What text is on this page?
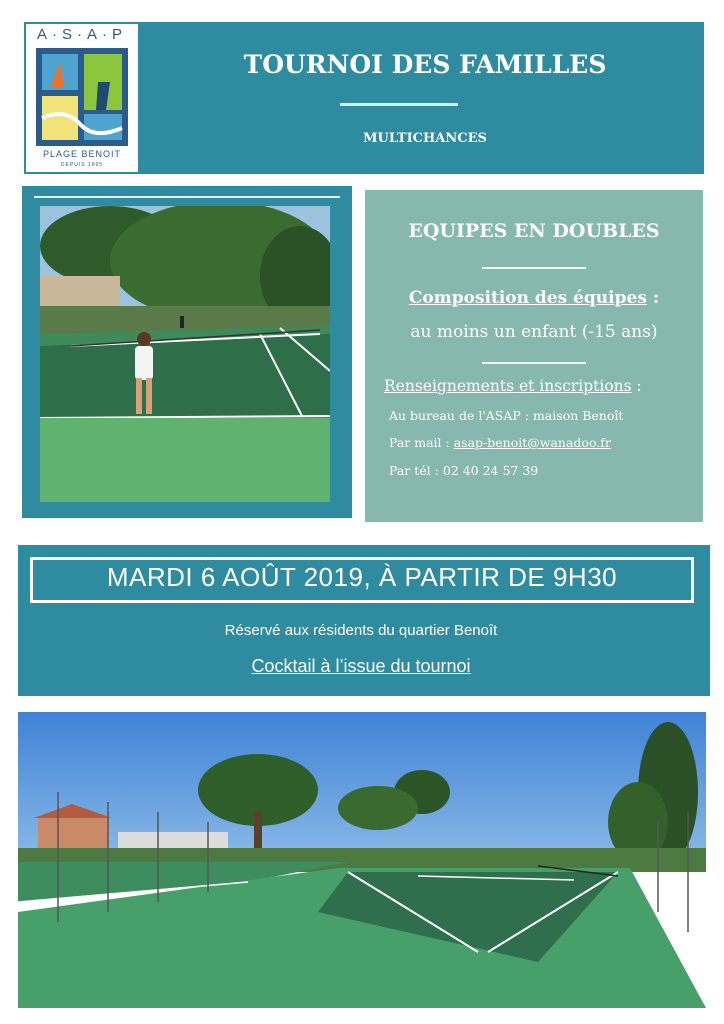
A·S·A·P
PLAGE BENOIT
DEPUIS 1895
TOURNOI DES FAMILLES
MULTICHANCES
EQUIPES EN DOUBLES
Composition des équipes :
au moins un enfant (-15 ans)
Renseignements et inscriptions :
Au bureau de l'ASAP : maison Benoît
Par mail : asap-benoit@wanadoo.fr
Par tél : 02 40 24 57 39
MARDI 6 AOÛT 2019, À PARTIR DE 9H30
Réservé aux résidents du quartier Benoît
Cocktail à l’issue du tournoi
